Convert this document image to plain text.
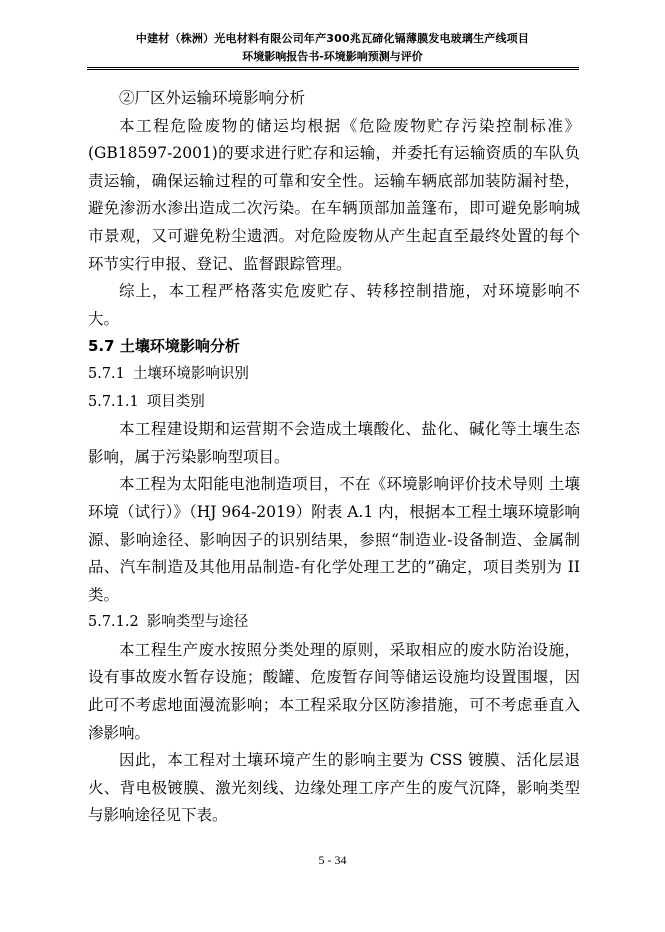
中建材（株洲）光电材料有限公司年产300兆瓦碲化镉薄膜发电玻璃生产线项目
环境影响报告书-环境影响预测与评价

②厂区外运输环境影响分析

本工程危险废物的储运均根据《危险废物贮存污染控制标准》(GB18597-2001)的要求进行贮存和运输，并委托有运输资质的车队负责运输，确保运输过程的可靠和安全性。运输车辆底部加装防漏衬垫，避免渗沥水渗出造成二次污染。在车辆顶部加盖篷布，即可避免影响城市景观，又可避免粉尘遗洒。对危险废物从产生起直至最终处置的每个环节实行申报、登记、监督跟踪管理。

综上，本工程严格落实危废贮存、转移控制措施，对环境影响不大。

5.7 土壤环境影响分析

5.7.1 土壤环境影响识别

5.7.1.1 项目类别

本工程建设期和运营期不会造成土壤酸化、盐化、碱化等土壤生态影响，属于污染影响型项目。

本工程为太阳能电池制造项目，不在《环境影响评价技术导则 土壤环境（试行）》（HJ 964-2019）附表 A.1 内，根据本工程土壤环境影响源、影响途径、影响因子的识别结果，参照“制造业-设备制造、金属制品、汽车制造及其他用品制造-有化学处理工艺的”确定，项目类别为 II 类。

5.7.1.2 影响类型与途径

本工程生产废水按照分类处理的原则，采取相应的废水防治设施，设有事故废水暂存设施；酸罐、危废暂存间等储运设施均设置围堰，因此可不考虑地面漫流影响；本工程采取分区防渗措施，可不考虑垂直入渗影响。

因此，本工程对土壤环境产生的影响主要为 CSS 镀膜、活化层退火、背电极镀膜、激光刻线、边缘处理工序产生的废气沉降，影响类型与影响途径见下表。

5 - 34
